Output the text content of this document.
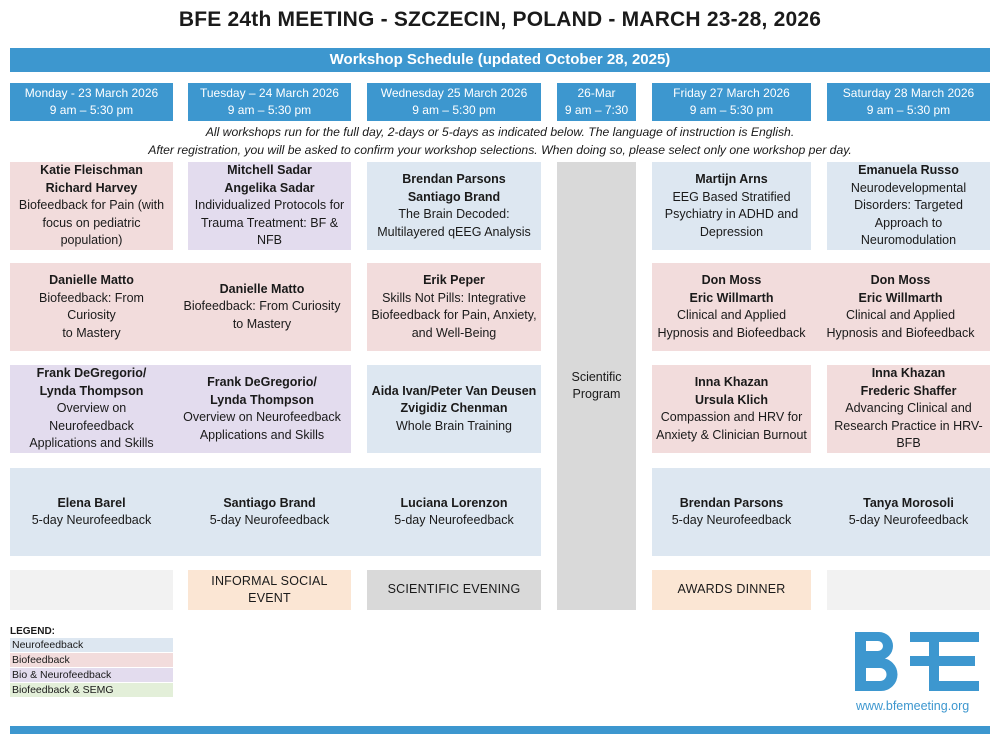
BFE 24th MEETING - SZCZECIN, POLAND - MARCH 23-28, 2026
Workshop Schedule (updated October 28, 2025)
Monday - 23 March 2026
9 am – 5:30 pm
Tuesday – 24 March 2026
9 am – 5:30 pm
Wednesday 25 March 2026
9 am – 5:30 pm
26-Mar
9 am – 7:30
Friday 27 March 2026
9 am – 5:30 pm
Saturday 28 March 2026
9 am – 5:30 pm
All workshops run for the full day, 2-days or 5-days as indicated below. The language of instruction is English.
After registration, you will be asked to confirm your workshop selections. When doing so, please select only one workshop per day.
Katie Fleischman
Richard Harvey
Biofeedback for Pain (with
focus on pediatric
population)
Mitchell Sadar
Angelika Sadar
Individualized Protocols for
Trauma Treatment: BF &
NFB
Brendan Parsons
Santiago Brand
The Brain Decoded:
Multilayered qEEG Analysis
Martijn Arns
EEG Based Stratified
Psychiatry in ADHD and
Depression
Emanuela Russo
Neurodevelopmental
Disorders: Targeted
Approach to
Neuromodulation
Danielle Matto
Biofeedback: From Curiosity
to Mastery
Danielle Matto
Biofeedback: From Curiosity
to Mastery
Erik Peper
Skills Not Pills: Integrative
Biofeedback for Pain, Anxiety,
and Well-Being
Don Moss
Eric Willmarth
Clinical and Applied
Hypnosis and Biofeedback
Don Moss
Eric Willmarth
Clinical and Applied
Hypnosis and Biofeedback
Frank DeGregorio/
Lynda Thompson
Overview on Neurofeedback
Applications and Skills
Frank DeGregorio/
Lynda Thompson
Overview on Neurofeedback
Applications and Skills
Aida Ivan/Peter Van Deusen
Zvigidiz Chenman
Whole Brain Training
Inna Khazan
Ursula Klich
Compassion and HRV for
Anxiety & Clinician Burnout
Inna Khazan
Frederic Shaffer
Advancing Clinical and
Research Practice in HRV-
BFB
Elena Barel
5-day Neurofeedback
Santiago Brand
5-day Neurofeedback
Luciana Lorenzon
5-day Neurofeedback
Brendan Parsons
5-day Neurofeedback
Tanya Morosoli
5-day Neurofeedback
Scientific
Program
INFORMAL SOCIAL EVENT
SCIENTIFIC EVENING	AWARDS DINNER
LEGEND:
Neurofeedback
Biofeedback
Bio & Neurofeedback
Biofeedback & SEMG
www.bfemeeting.org
